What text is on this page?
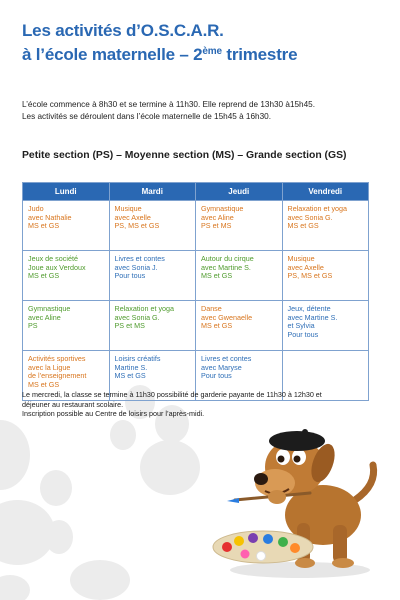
Les activités d’O.S.C.A.R.
à l’école maternelle – 2ème trimestre
L’école commence à 8h30 et se termine à 11h30. Elle reprend de 13h30 à15h45.
Les activités se déroulent dans l’école maternelle de 15h45 à 16h30.
Petite section (PS) – Moyenne section (MS) – Grande section (GS)
Lundi	Mardi	Jeudi	Vendredi

Judo
avec Nathalie
MS et GS	Musique
avec Axelle
PS, MS et GS	Gymnastique
avec Aline
PS et MS	Relaxation et yoga
avec Sonia G.
MS et GS

Jeux de société
Joue aux Verdoux
MS et GS	Livres et contes
avec Sonia J.
Pour tous	Autour du cirque
avec Martine S.
MS et GS	Musique
avec Axelle
PS, MS et GS

Gymnastique
avec Aline
PS	Relaxation et yoga
avec Sonia G.
PS et MS	Danse
avec Gwenaelle
MS et GS	Jeux, détente
avec Martine S.
et Sylvia
Pour tous

Activités sportives
avec la Ligue
de l’enseignement
MS et GS	Loisirs créatifs
Martine S.
MS et GS	Livres et contes
avec Maryse
Pour tous	

Le mercredi, la classe se termine à 11h30 possibilité de garderie payante de 11h30 à 12h30 et
déjeuner au restaurant scolaire.
Inscription possible au Centre de loisirs pour l’après-midi.
